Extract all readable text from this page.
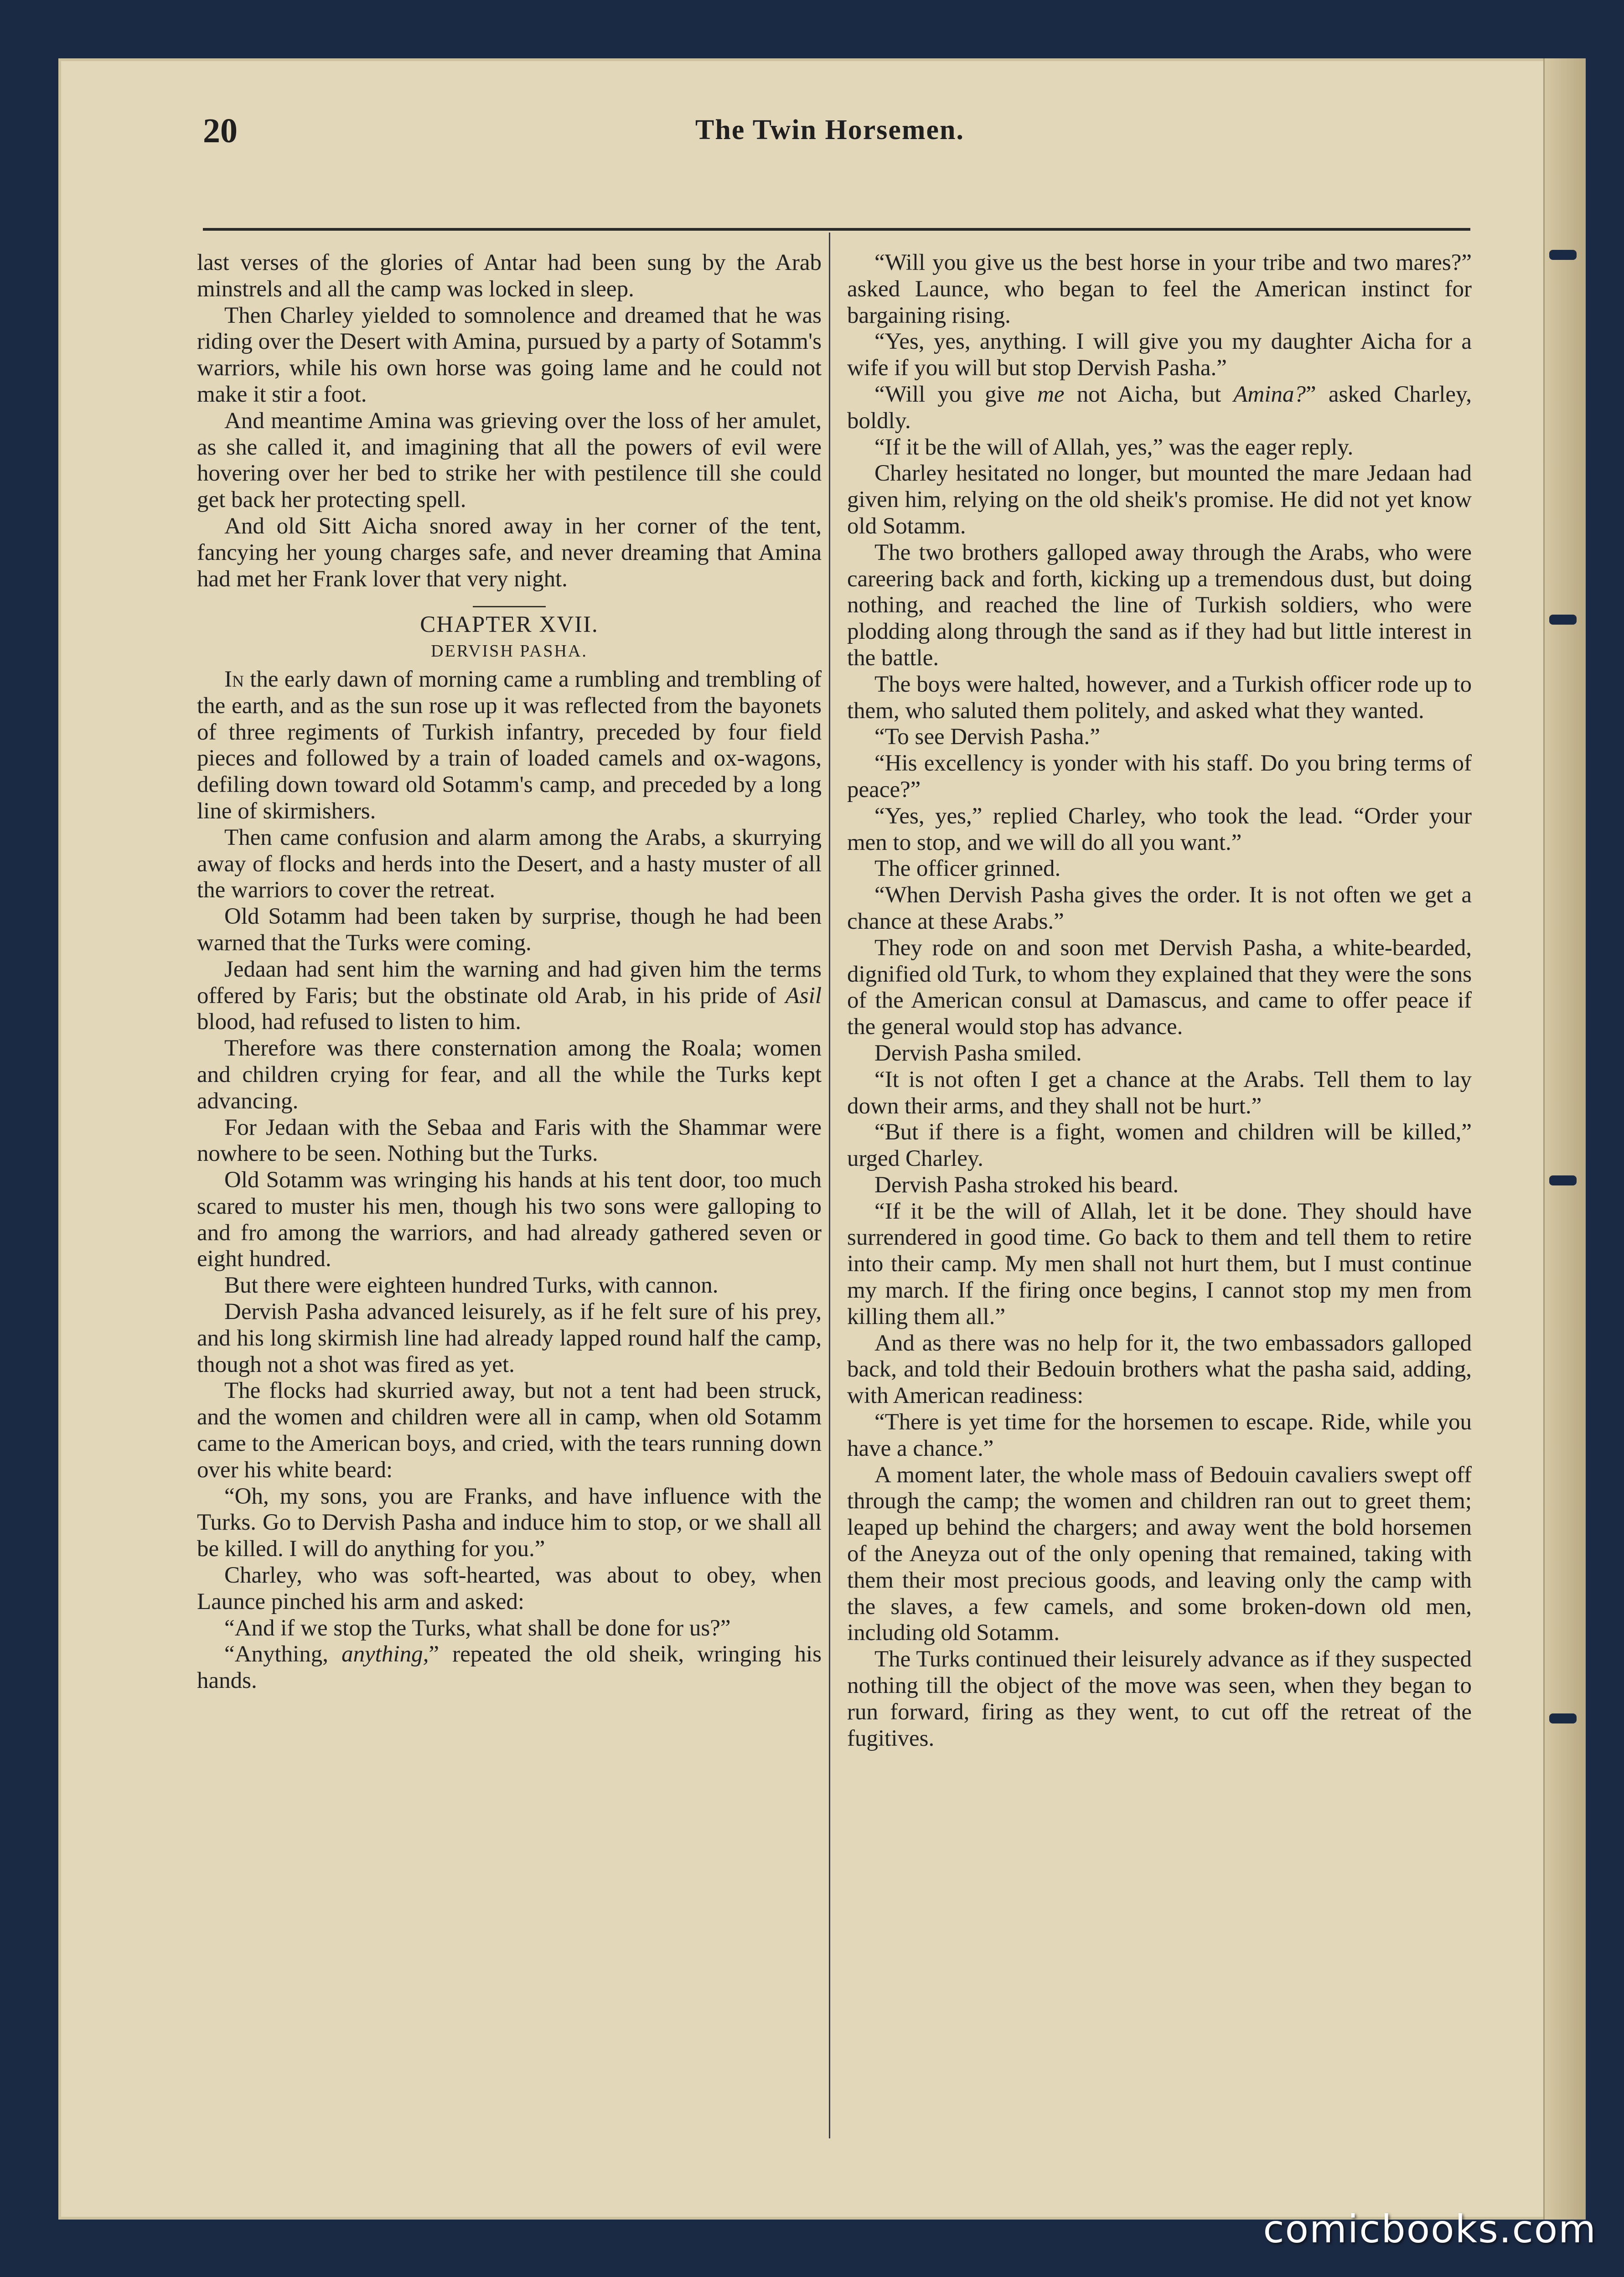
20	The Twin Horsemen.

last verses of the glories of Antar had been sung by the Arab minstrels and all the camp was locked in sleep.

Then Charley yielded to somnolence and dreamed that he was riding over the Desert with Amina, pursued by a party of Sotamm's warriors, while his own horse was going lame and he could not make it stir a foot.

And meantime Amina was grieving over the loss of her amulet, as she called it, and imagining that all the powers of evil were hovering over her bed to strike her with pestilence till she could get back her protecting spell.

And old Sitt Aicha snored away in her corner of the tent, fancying her young charges safe, and never dreaming that Amina had met her Frank lover that very night.

CHAPTER XVII.
DERVISH PASHA.

In the early dawn of morning came a rumbling and trembling of the earth, and as the sun rose up it was reflected from the bayonets of three regiments of Turkish infantry, preceded by four field pieces and followed by a train of loaded camels and ox-wagons, defiling down toward old Sotamm's camp, and preceded by a long line of skirmishers.

Then came confusion and alarm among the Arabs, a skurrying away of flocks and herds into the Desert, and a hasty muster of all the warriors to cover the retreat.

Old Sotamm had been taken by surprise, though he had been warned that the Turks were coming.

Jedaan had sent him the warning and had given him the terms offered by Faris; but the obstinate old Arab, in his pride of Asil blood, had refused to listen to him.

Therefore was there consternation among the Roala; women and children crying for fear, and all the while the Turks kept advancing.

For Jedaan with the Sebaa and Faris with the Shammar were nowhere to be seen. Nothing but the Turks.

Old Sotamm was wringing his hands at his tent door, too much scared to muster his men, though his two sons were galloping to and fro among the warriors, and had already gathered seven or eight hundred.

But there were eighteen hundred Turks, with cannon.

Dervish Pasha advanced leisurely, as if he felt sure of his prey, and his long skirmish line had already lapped round half the camp, though not a shot was fired as yet.

The flocks had skurried away, but not a tent had been struck, and the women and children were all in camp, when old Sotamm came to the American boys, and cried, with the tears running down over his white beard:

“Oh, my sons, you are Franks, and have influence with the Turks. Go to Dervish Pasha and induce him to stop, or we shall all be killed. I will do anything for you.”

Charley, who was soft-hearted, was about to obey, when Launce pinched his arm and asked:

“And if we stop the Turks, what shall be done for us?”

“Anything, anything,” repeated the old sheik, wringing his hands.

“Will you give us the best horse in your tribe and two mares?” asked Launce, who began to feel the American instinct for bargaining rising.

“Yes, yes, anything. I will give you my daughter Aicha for a wife if you will but stop Dervish Pasha.”

“Will you give me not Aicha, but Amina?” asked Charley, boldly.

“If it be the will of Allah, yes,” was the eager reply.

Charley hesitated no longer, but mounted the mare Jedaan had given him, relying on the old sheik's promise. He did not yet know old Sotamm.

The two brothers galloped away through the Arabs, who were careering back and forth, kicking up a tremendous dust, but doing nothing, and reached the line of Turkish soldiers, who were plodding along through the sand as if they had but little interest in the battle.

The boys were halted, however, and a Turkish officer rode up to them, who saluted them politely, and asked what they wanted.

“To see Dervish Pasha.”

“His excellency is yonder with his staff. Do you bring terms of peace?”

“Yes, yes,” replied Charley, who took the lead. “Order your men to stop, and we will do all you want.”

The officer grinned.

“When Dervish Pasha gives the order. It is not often we get a chance at these Arabs.”

They rode on and soon met Dervish Pasha, a white-bearded, dignified old Turk, to whom they explained that they were the sons of the American consul at Damascus, and came to offer peace if the general would stop has advance.

Dervish Pasha smiled.

“It is not often I get a chance at the Arabs. Tell them to lay down their arms, and they shall not be hurt.”

“But if there is a fight, women and children will be killed,” urged Charley.

Dervish Pasha stroked his beard.

“If it be the will of Allah, let it be done. They should have surrendered in good time. Go back to them and tell them to retire into their camp. My men shall not hurt them, but I must continue my march. If the firing once begins, I cannot stop my men from killing them all.”

And as there was no help for it, the two embassadors galloped back, and told their Bedouin brothers what the pasha said, adding, with American readiness:

“There is yet time for the horsemen to escape. Ride, while you have a chance.”

A moment later, the whole mass of Bedouin cavaliers swept off through the camp; the women and children ran out to greet them; leaped up behind the chargers; and away went the bold horsemen of the Aneyza out of the only opening that remained, taking with them their most precious goods, and leaving only the camp with the slaves, a few camels, and some broken-down old men, including old Sotamm.

The Turks continued their leisurely advance as if they suspected nothing till the object of the move was seen, when they began to run forward, firing as they went, to cut off the retreat of the fugitives.

comicbooks.com
